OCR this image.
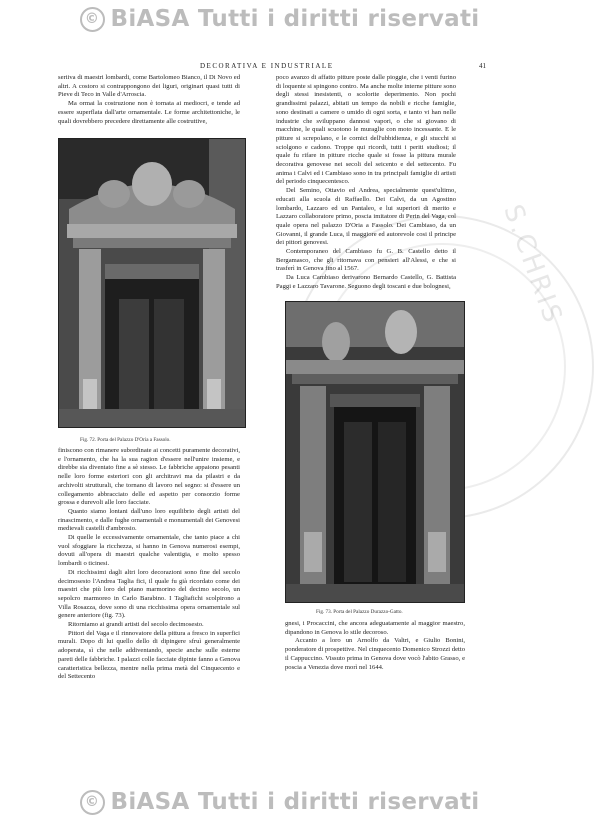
© BiASA Tutti i diritti riservati
S.CHRIS
DECORATIVA E INDUSTRIALE	41

seriiva di maestri lombardi, come Bartolomeo Bianco, il Di Novo ed altri. A costoro si contrappongono dei liguri, originari quasi tutti di Pieve di Teco in Valle d'Arroscia.

Ma ormai la costruzione non è tornata ai mediocri, e tende ad essere superflata dall'arte ornamentale. Le forme architettoniche, le quali dovrebbero precedere direttamente alle costruttive,

Fig. 72. Porta del Palazzo D'Oria a Fassolo.

finiscono con rimanere subordinate ai concetti puramente decorativi, e l'ornamento, che ha la sua ragion d'essere nell'unire insieme, e direbbe sia diventato fine a sè stesso. Le fabbriche appaiono pesanti nelle loro forme esteriori con gli architravi ma da pilastri e da archivolti strutturali, che tornano di lavoro nel segno: si d'essere un collegamento abbracciato delle ed aspetto per consorzio forme grossa e durevoli alle loro facciate.

Quanto siamo lontani dall'uno loro equilibrio degli artisti del rinascimento, e dalle fughe ornamentali e monumentali dei Genovesi medievali castelli d'ambrosio.

Di quelle le eccessivamente ornamentale, che tanto piace a chi vuol sfoggiare la ricchezza, si hanno in Genova numerosi esempi, dovuti all'opera di maestri qualche valentigia, e molto spesso lombardi o ticinesi.

Di ricchissimi dagli altri loro decorazioni sono fine del secolo decimosesto l'Andrea Taglia fici, il quale fu già ricordato come dei maestri che più loro del piano marmorino del decimo secolo, un sepolcro marmoreo in Carlo Barabino. I Tagliafichi scolpirono a Villa Rosazza, dove sono di una ricchissima opera ornamentale sul genere anteriore (fig. 73).

Ritorniamo ai grandi artisti del secolo decimosesto.

Pittori del Vaga e il rinnovatore della pittura a fresco in superfici murali. Dopo di lui quello dello di dipingere sfruì generalmente adoperata, sì che nelle addiventando, specie anche sulle esterne pareti delle fabbriche. I palazzi colle facciate dipinte fanno a Genova caratteristica bellezza, mentre nella prima metà del Cinquecento e del Settecento

poco avanzo di affatto pitture poste dalle pioggie, che i venti furino di loquente si spingono contro. Ma anche molte interne pitture sono degli stessi inesistenti, o scolorite deperimento. Non pochi grandissimi palazzi, abitati un tempo da nobili e ricche famiglie, sono destinati a camere o umido di ogni sorta, e tanto vi han nelle industrie che sviluppano dannosi vapori, o che si giovano di macchine, le quali scuotono le muraglie con moto incessante. E le pitture si screpolano, e le cornici dell'ubbidienza, e gli stucchi si sciolgono e cadono. Troppe qui ricordi, tutti i periti studiosi; il quale fu rifare in pitture ricche quale si fosse la pittura murale decorativa genovese nei secoli del seicento e del settecento. Fu anima i Calvi ed i Cambiaso sono in tra principali famiglie di artisti del periodo cinquecentesco.

Del Semino, Ottavio ed Andrea, specialmente quest'ultimo, educati alla scuola di Raffaello. Dei Calvi, da un Agostino lombardo, Lazzaro ed un Pantaleo, e lui superiori di merito e Lazzaro collaboratore primo, poscia imitatore di Perin del Vaga, col quale opera nel palazzo D'Oria a Fassolo. Dei Cambiaso, da un Giovanni, il grande Luca, il maggiore ed autorevole cosi il principe dei pittori genovesi.

Contemporaneo del Cambiaso fu G. B. Castello detto il Bergamasco, che gli ritornava con pensieri all'Alessi, e che si trasferì in Genova fino al 1567.

Da Luca Cambiaso derivarono Bernardo Castello, G. Battista Paggi e Lazzaro Tavarone. Seguono degli toscani e due bolognesi,

Fig. 73. Porta del Palazzo Durazzo-Gatto.

gnesi, i Procaccini, che ancora adeguatamente al maggior maestro, dipandono in Genova lo stile decoroso.

Accanto a loro un Arnolfo da Valtri, e Giulio Bonini, ponderatore di prospettive. Nel cinquecento Domenico Strozzi detto il Cappuccino. Vissuto prima in Genova dove vocò l'abito Grasso, e poscia a Venezia dove morì nel 1644.

© BiASA Tutti i diritti riservati
